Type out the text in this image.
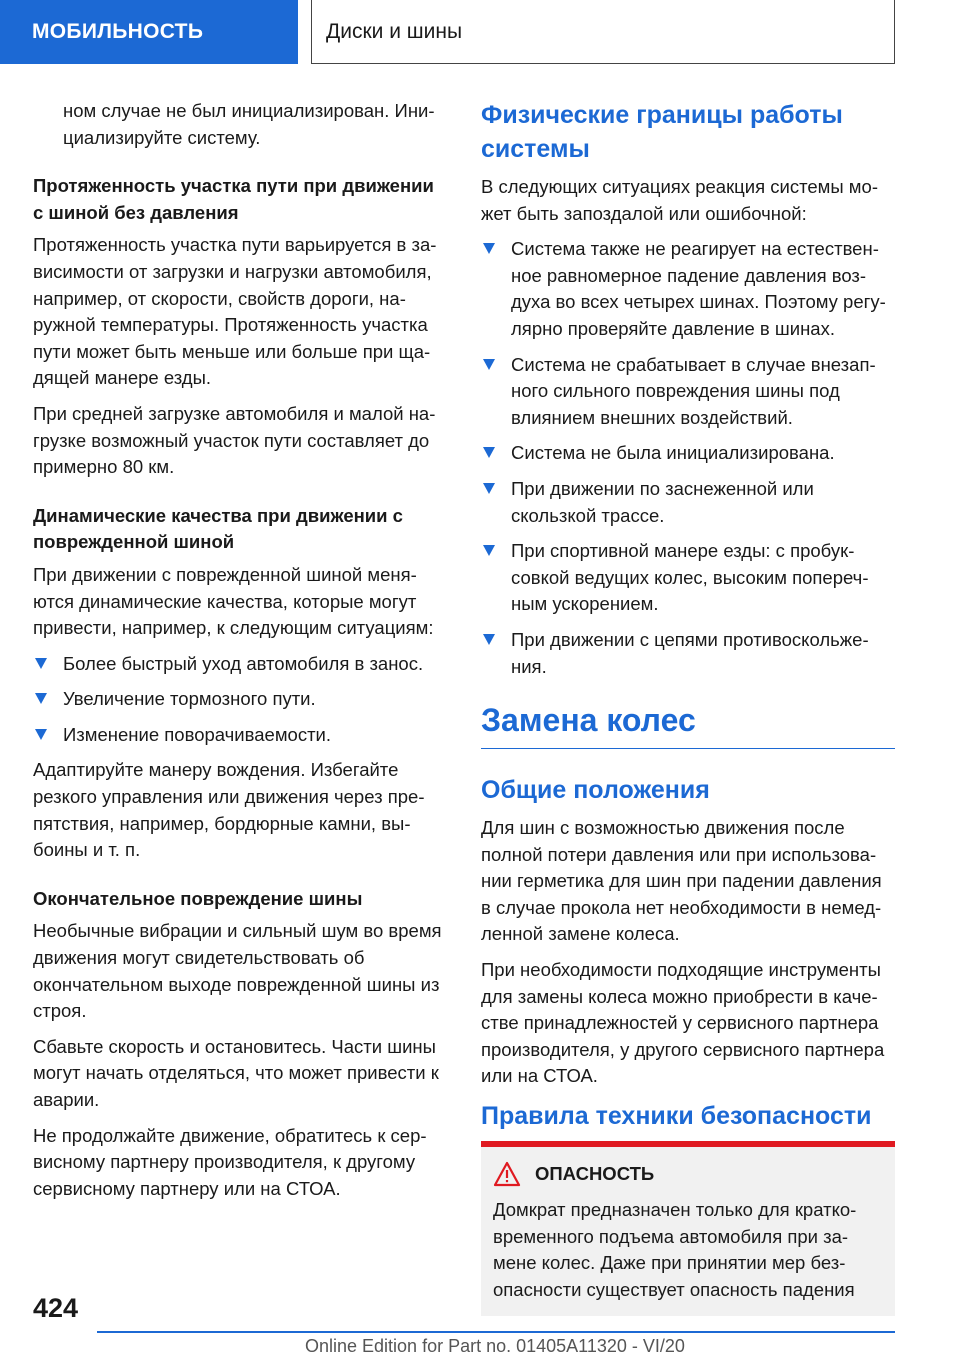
МОБИЛЬНОСТЬ	Диски и шины

ном случае не был инициализирован. Инициализируйте систему.

Протяженность участка пути при движении с шиной без давления

Протяженность участка пути варьируется в зависимости от загрузки и нагрузки автомобиля, например, от скорости, свойств дороги, наружной температуры. Протяженность участка пути может быть меньше или больше при щадящей манере езды.

При средней загрузке автомобиля и малой нагрузке возможный участок пути составляет до примерно 80 км.

Динамические качества при движении с поврежденной шиной

При движении с поврежденной шиной меняются динамические качества, которые могут привести, например, к следующим ситуациям:

Более быстрый уход автомобиля в занос.
Увеличение тормозного пути.
Изменение поворачиваемости.

Адаптируйте манеру вождения. Избегайте резкого управления или движения через препятствия, например, бордюрные камни, выбоины и т. п.

Окончательное повреждение шины

Необычные вибрации и сильный шум во время движения могут свидетельствовать об окончательном выходе поврежденной шины из строя.

Сбавьте скорость и остановитесь. Части шины могут начать отделяться, что может привести к аварии.

Не продолжайте движение, обратитесь к сервисному партнеру производителя, к другому сервисному партнеру или на СТОА.

Физические границы работы системы

В следующих ситуациях реакция системы может быть запоздалой или ошибочной:

Система также не реагирует на естественное равномерное падение давления воздуха во всех четырех шинах. Поэтому регулярно проверяйте давление в шинах.
Система не срабатывает в случае внезапного сильного повреждения шины под влиянием внешних воздействий.
Система не была инициализирована.
При движении по заснеженной или скользкой трассе.
При спортивной манере езды: с пробуксовкой ведущих колес, высоким поперечным ускорением.
При движении с цепями противоскольжения.
Замена колес
Общие положения

Для шин с возможностью движения после полной потери давления или при использовании герметика для шин при падении давления в случае прокола нет необходимости в немедленной замене колеса.

При необходимости подходящие инструменты для замены колеса можно приобрести в качестве принадлежностей у сервисного партнера производителя, у другого сервисного партнера или на СТОА.

Правила техники безопасности
ОПАСНОСТЬ

Домкрат предназначен только для кратковременного подъема автомобиля при замене колес. Даже при принятии мер безопасности существует опасность падения

424
Online Edition for Part no. 01405A11320 - VI/20
